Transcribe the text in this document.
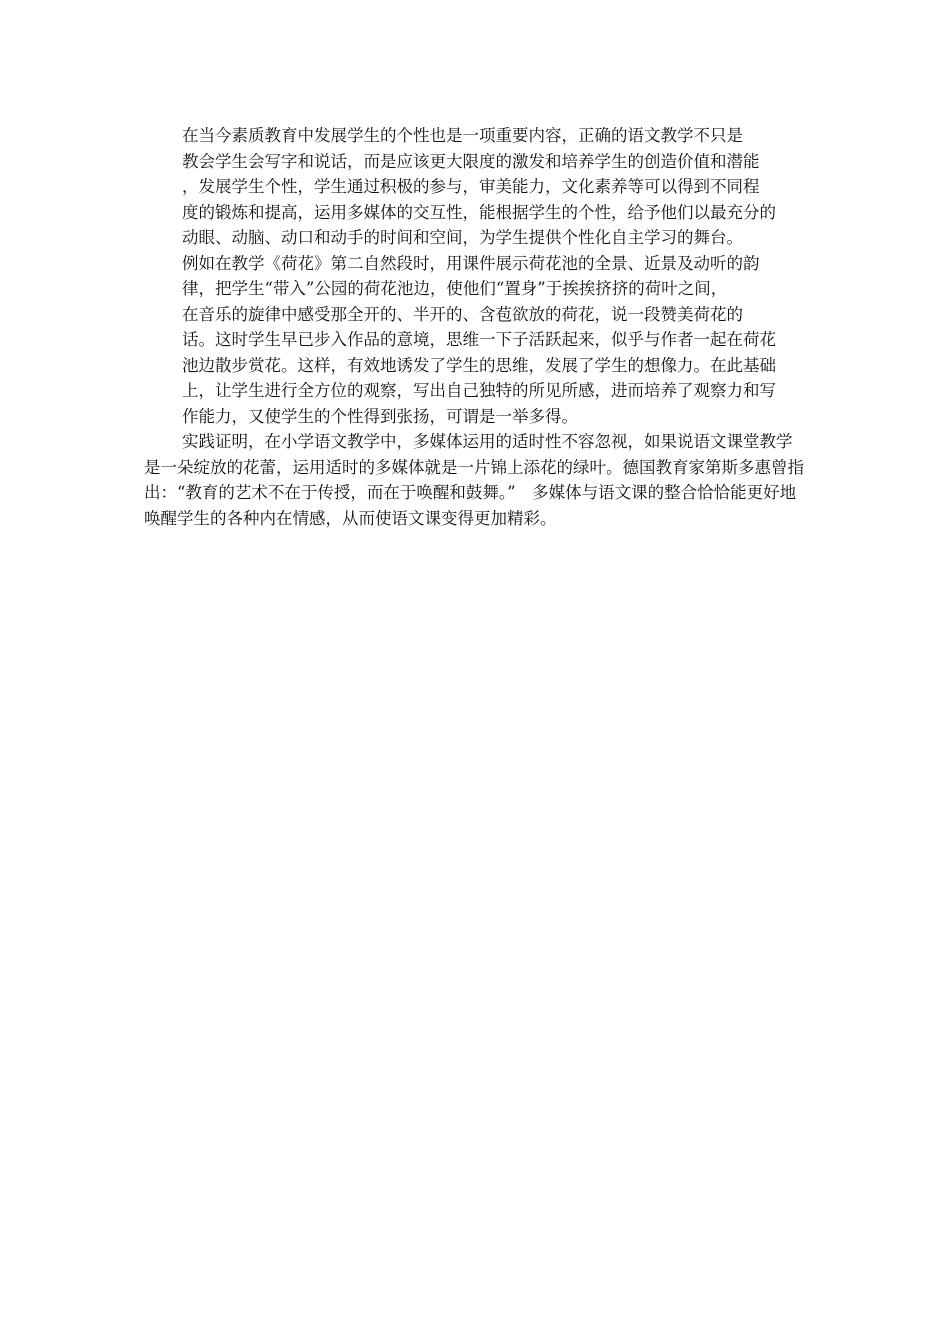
在当今素质教育中发展学生的个性也是一项重要内容，正确的语文教学不只是

教会学生会写字和说话，而是应该更大限度的激发和培养学生的创造价值和潜能

，发展学生个性，学生通过积极的参与，审美能力，文化素养等可以得到不同程

度的锻炼和提高，运用多媒体的交互性，能根据学生的个性，给予他们以最充分的

动眼、动脑、动口和动手的时间和空间，为学生提供个性化自主学习的舞台。

例如在教学《荷花》第二自然段时，用课件展示荷花池的全景、近景及动听的韵

律，把学生“带入”公园的荷花池边，使他们“置身”于挨挨挤挤的荷叶之间，

在音乐的旋律中感受那全开的、半开的、含苞欲放的荷花，说一段赞美荷花的

话。这时学生早已步入作品的意境，思维一下子活跃起来，似乎与作者一起在荷花

池边散步赏花。这样，有效地诱发了学生的思维，发展了学生的想像力。在此基础

上，让学生进行全方位的观察，写出自己独特的所见所感，进而培养了观察力和写

作能力，又使学生的个性得到张扬，可谓是一举多得。

实践证明，在小学语文教学中，多媒体运用的适时性不容忽视，如果说语文课堂教学是一朵绽放的花蕾，运用适时的多媒体就是一片锦上添花的绿叶。德国教育家第斯多惠曾指出：“教育的艺术不在于传授，而在于唤醒和鼓舞。”　多媒体与语文课的整合恰恰能更好地唤醒学生的各种内在情感，从而使语文课变得更加精彩。
